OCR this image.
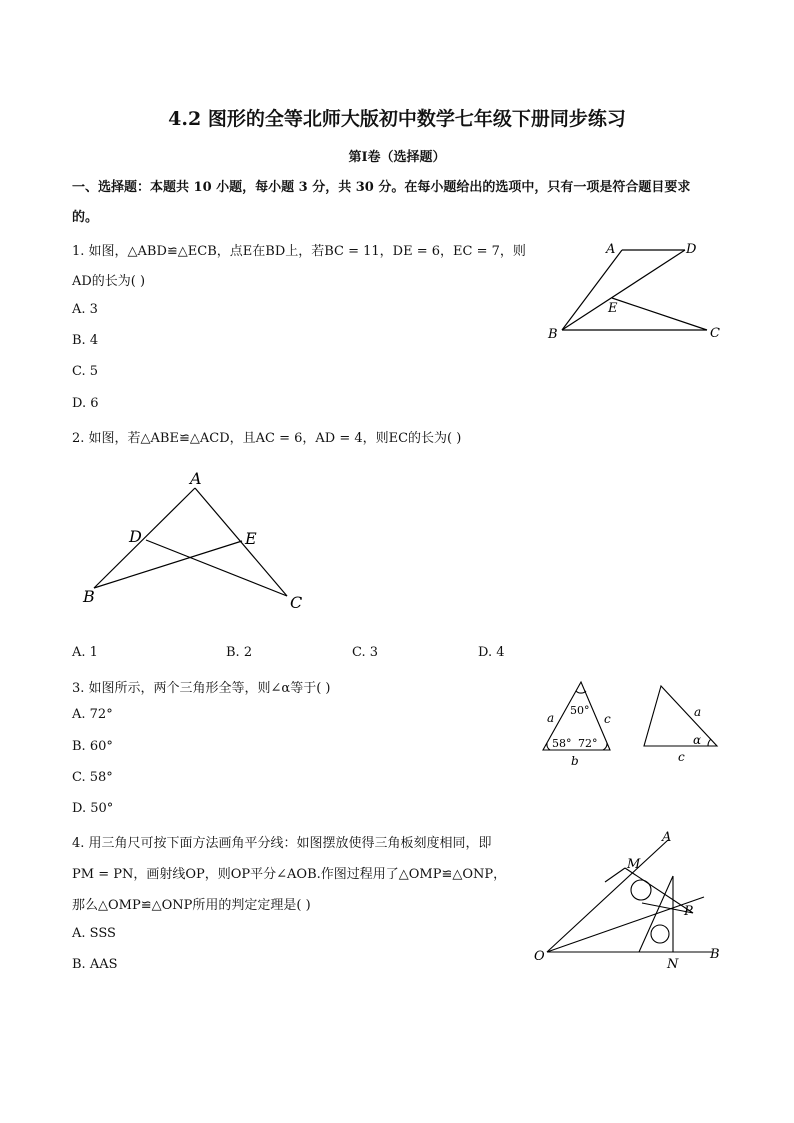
4.2 图形的全等北师大版初中数学七年级下册同步练习
第Ⅰ卷（选择题）
一、选择题：本题共 10 小题，每小题 3 分，共 30 分。在每小题给出的选项中，只有一项是符合题目要求
的。
1. 如图，△ABD≌△ECB，点E在BD上，若BC = 11，DE = 6，EC = 7，则
AD的长为( )
A. 3
B. 4
C. 5
D. 6
A	D
E
B	C
2. 如图，若△ABE≌△ACD，且AC = 6，AD = 4，则EC的长为( )
A
D	E
B	C
A. 1	B. 2	C. 3	D. 4
3. 如图所示，两个三角形全等，则∠α等于( )
A. 72°
B. 60°
C. 58°
D. 50°
50°
58° 72°
a	c
b
a
α
c
4. 用三角尺可按下面方法画角平分线：如图摆放使得三角板刻度相同，即
PM = PN，画射线OP，则OP平分∠AOB.作图过程用了△OMP≌△ONP，
那么△OMP≌△ONP所用的判定定理是( )
A. SSS
B. AAS
A
M
P
O
N
B
